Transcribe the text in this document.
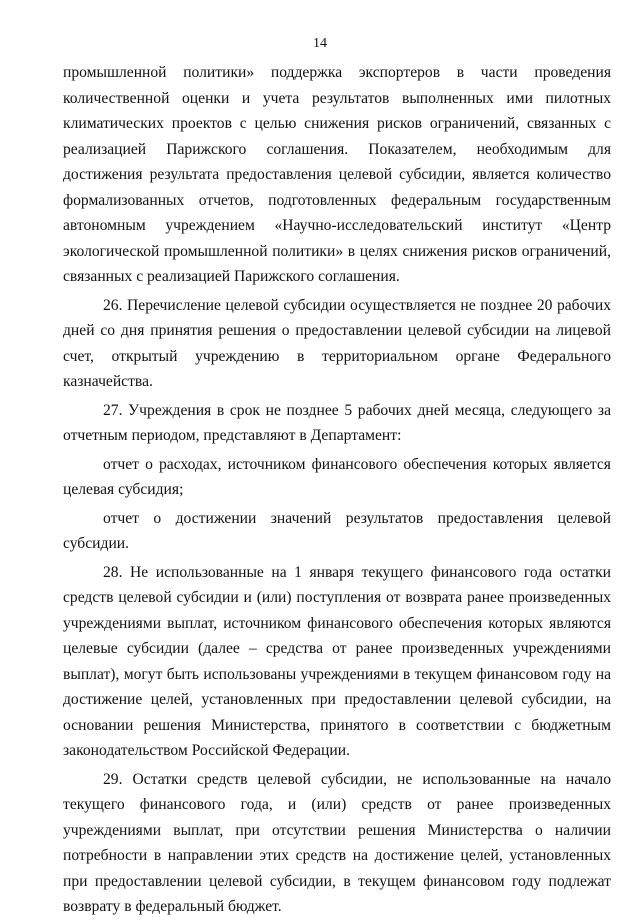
14

промышленной политики» поддержка экспортеров в части проведения количественной оценки и учета результатов выполненных ими пилотных климатических проектов с целью снижения рисков ограничений, связанных с реализацией Парижского соглашения. Показателем, необходимым для достижения результата предоставления целевой субсидии, является количество формализованных отчетов, подготовленных федеральным государственным автономным учреждением «Научно-исследовательский институт «Центр экологической промышленной политики» в целях снижения рисков ограничений, связанных с реализацией Парижского соглашения.

26. Перечисление целевой субсидии осуществляется не позднее 20 рабочих дней со дня принятия решения о предоставлении целевой субсидии на лицевой счет, открытый учреждению в территориальном органе Федерального казначейства.

27. Учреждения в срок не позднее 5 рабочих дней месяца, следующего за отчетным периодом, представляют в Департамент:

отчет о расходах, источником финансового обеспечения которых является целевая субсидия;

отчет о достижении значений результатов предоставления целевой субсидии.

28. Не использованные на 1 января текущего финансового года остатки средств целевой субсидии и (или) поступления от возврата ранее произведенных учреждениями выплат, источником финансового обеспечения которых являются целевые субсидии (далее – средства от ранее произведенных учреждениями выплат), могут быть использованы учреждениями в текущем финансовом году на достижение целей, установленных при предоставлении целевой субсидии, на основании решения Министерства, принятого в соответствии с бюджетным законодательством Российской Федерации.

29. Остатки средств целевой субсидии, не использованные на начало текущего финансового года, и (или) средств от ранее произведенных учреждениями выплат, при отсутствии решения Министерства о наличии потребности в направлении этих средств на достижение целей, установленных при предоставлении целевой субсидии, в текущем финансовом году подлежат возврату в федеральный бюджет.
